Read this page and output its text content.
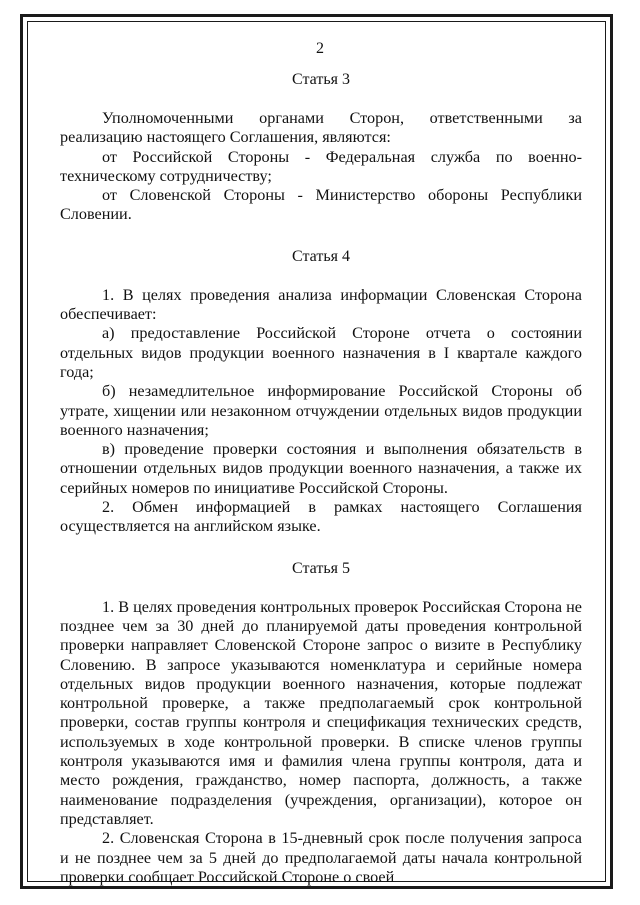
2
Статья 3

Уполномоченными органами Сторон, ответственными за реализацию настоящего Соглашения, являются:

от Российской Стороны - Федеральная служба по военно-техническому сотрудничеству;

от Словенской Стороны - Министерство обороны Республики Словении.

Статья 4

1. В целях проведения анализа информации Словенская Сторона обеспечивает:

а) предоставление Российской Стороне отчета о состоянии отдельных видов продукции военного назначения в I квартале каждого года;

б) незамедлительное информирование Российской Стороны об утрате, хищении или незаконном отчуждении отдельных видов продукции военного назначения;

в) проведение проверки состояния и выполнения обязательств в отношении отдельных видов продукции военного назначения, а также их серийных номеров по инициативе Российской Стороны.

2. Обмен информацией в рамках настоящего Соглашения осуществляется на английском языке.

Статья 5

1. В целях проведения контрольных проверок Российская Сторона не позднее чем за 30 дней до планируемой даты проведения контрольной проверки направляет Словенской Стороне запрос о визите в Республику Словению. В запросе указываются номенклатура и серийные номера отдельных видов продукции военного назначения, которые подлежат контрольной проверке, а также предполагаемый срок контрольной проверки, состав группы контроля и спецификация технических средств, используемых в ходе контрольной проверки. В списке членов группы контроля указываются имя и фамилия члена группы контроля, дата и место рождения, гражданство, номер паспорта, должность, а также наименование подразделения (учреждения, организации), которое он представляет.

2. Словенская Сторона в 15-дневный срок после получения запроса и не позднее чем за 5 дней до предполагаемой даты начала контрольной проверки сообщает Российской Стороне о своей
